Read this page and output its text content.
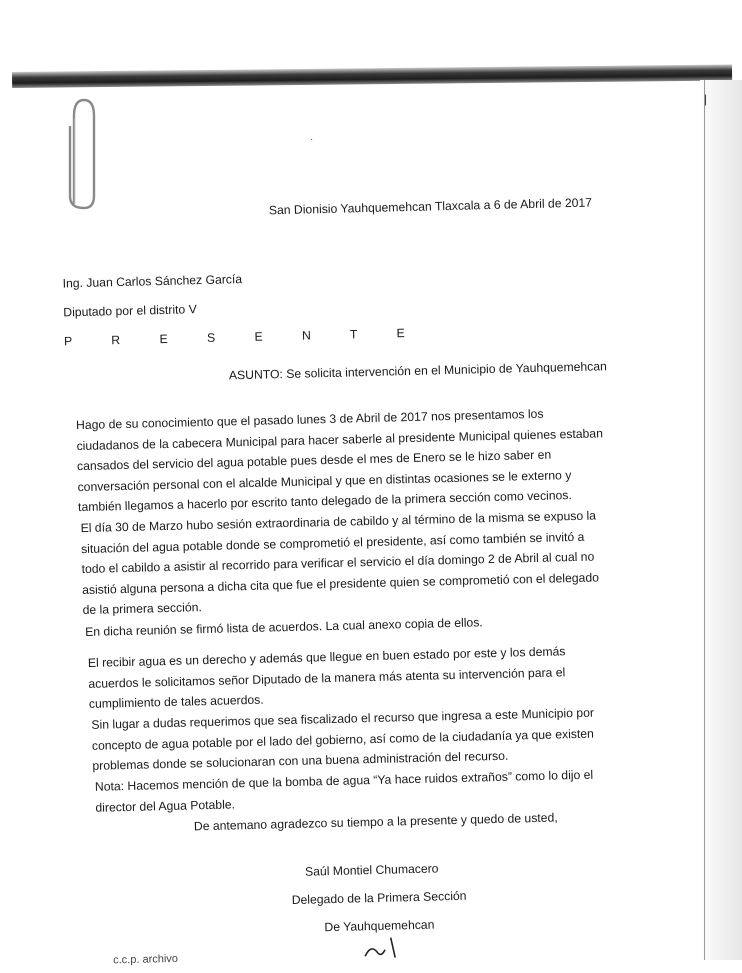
San Dionisio Yauhquemehcan Tlaxcala a 6 de Abril de 2017
Ing. Juan Carlos Sánchez García
Diputado por el distrito V
P R E S E N T E
ASUNTO: Se solicita intervención en el Municipio de Yauhquemehcan
Hago de su conocimiento que el pasado lunes 3 de Abril de 2017 nos presentamos los ciudadanos de la cabecera Municipal para hacer saberle al presidente Municipal quienes estaban cansados del servicio del agua potable pues desde el mes de Enero se le hizo saber en conversación personal con el alcalde Municipal y que en distintas ocasiones se le externo y también llegamos a hacerlo por escrito tanto delegado de la primera sección como vecinos.
El día 30 de Marzo hubo sesión extraordinaria de cabildo y al término de la misma se expuso la situación del agua potable donde se comprometió el presidente, así como también se invitó a todo el cabildo a asistir al recorrido para verificar el servicio el día domingo 2 de Abril al cual no asistió alguna persona a dicha cita que fue el presidente quien se comprometió con el delegado de la primera sección.
En dicha reunión se firmó lista de acuerdos. La cual anexo copia de ellos.
El recibir agua es un derecho y además que llegue en buen estado por este y los demás acuerdos le solicitamos señor Diputado de la manera más atenta su intervención para el cumplimiento de tales acuerdos.
Sin lugar a dudas requerimos que sea fiscalizado el recurso que ingresa a este Municipio por concepto de agua potable por el lado del gobierno, así como de la ciudadanía ya que existen problemas donde se solucionaran con una buena administración del recurso.
Nota: Hacemos mención de que la bomba de agua “Ya hace ruidos extraños” como lo dijo el director del Agua Potable.
De antemano agradezco su tiempo a la presente y quedo de usted,
Saúl Montiel Chumacero
Delegado de la Primera Sección
De Yauhquemehcan
c.c.p. archivo
·
|
